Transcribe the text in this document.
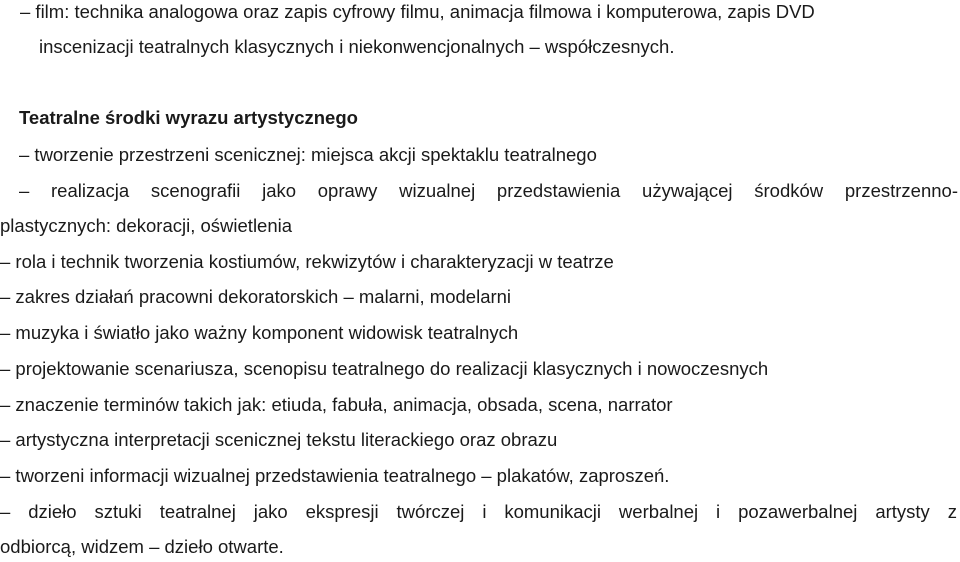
– film: technika analogowa oraz zapis cyfrowy filmu, animacja filmowa i komputerowa, zapis DVD
inscenizacji teatralnych klasycznych i niekonwencjonalnych – współczesnych.
Teatralne środki wyrazu artystycznego
– tworzenie przestrzeni scenicznej: miejsca akcji spektaklu teatralnego
– realizacja scenografii jako oprawy wizualnej przedstawienia używającej środków przestrzenno-
plastycznych: dekoracji, oświetlenia
– rola i technik tworzenia kostiumów, rekwizytów i charakteryzacji w teatrze
– zakres działań pracowni dekoratorskich – malarni, modelarni
– muzyka i światło jako ważny komponent widowisk teatralnych
– projektowanie scenariusza, scenopisu teatralnego do realizacji klasycznych i nowoczesnych
– znaczenie terminów takich jak: etiuda, fabuła, animacja, obsada, scena, narrator
– artystyczna interpretacji scenicznej tekstu literackiego oraz obrazu
– tworzeni informacji wizualnej przedstawienia teatralnego – plakatów, zaproszeń.
– dzieło sztuki teatralnej jako ekspresji twórczej i komunikacji werbalnej i pozawerbalnej artysty z
odbiorcą, widzem – dzieło otwarte.
